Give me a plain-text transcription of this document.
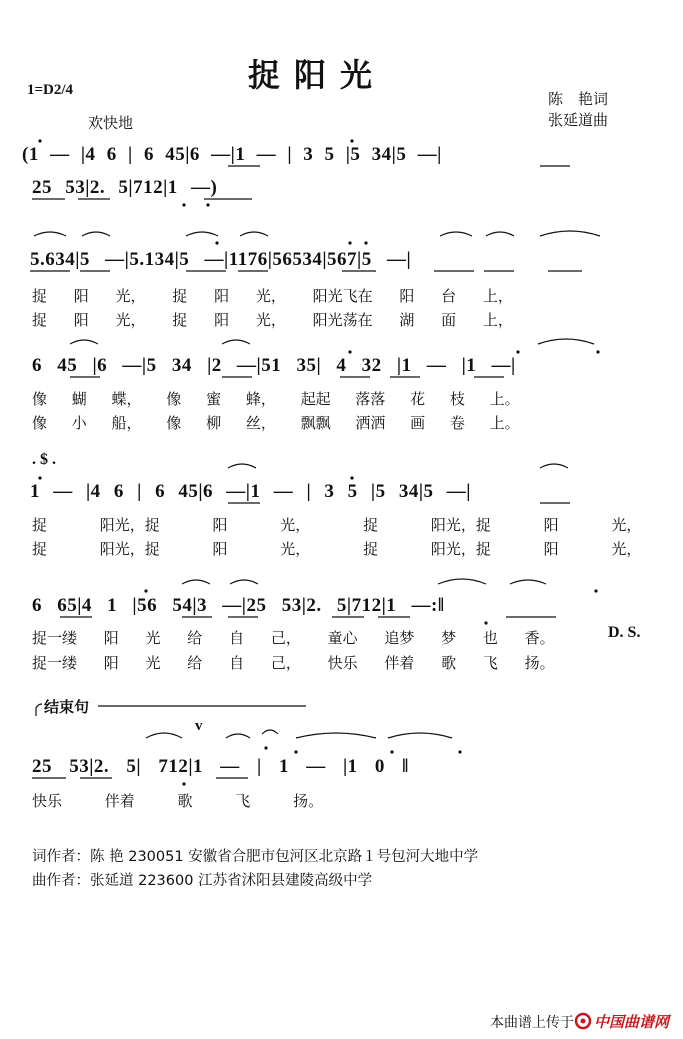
捉阳光
1=D2/4
欢快地
陈　艳词
张延道曲
(1 — |4 6 | 6 45|6 —|1 — | 3 5 |5 34|5 —|
25 53|2. 5|712|1 —)
5.634|5 —|5.134|5 —|1176|56534|567|5 —|
捉 阳 光， 捉 阳 光， 阳光飞在 阳 台 上，
捉 阳 光， 捉 阳 光， 阳光荡在 湖 面 上，
6 45 |6 —|5 34 |2 —|51 35| 4 32 |1 — |1 —|
像 蝴 蝶， 像 蜜 蜂， 起起 落落 花 枝 上。
像 小 船， 像 柳 丝， 飘飘 洒洒 画 卷 上。
. $ .
1 — |4 6 | 6 45|6 —|1 — | 3 5 |5 34|5 —|
捉 阳光，捉 阳 光， 捉 阳光，捉 阳 光，
捉 阳光，捉 阳 光， 捉 阳光，捉 阳 光，
6 65|4 1 |56 54|3 —|25 53|2. 5|712|1 —:‖
捉一缕 阳 光 给 自 己， 童心 追梦 梦 也 香。	D. S.
捉一缕 阳 光 给 自 己， 快乐 伴着 歌 飞 扬。
结束句
v
25 53|2. 5| 712|1 — | 1 — |1 0 ‖
快乐 伴着 歌 飞 扬。
词作者：陈 艳 230051 安徽省合肥市包河区北京路１号包河大地中学
曲作者：张延道 223600 江苏省沭阳县建陵高级中学
本曲谱上传于 中国曲谱网
